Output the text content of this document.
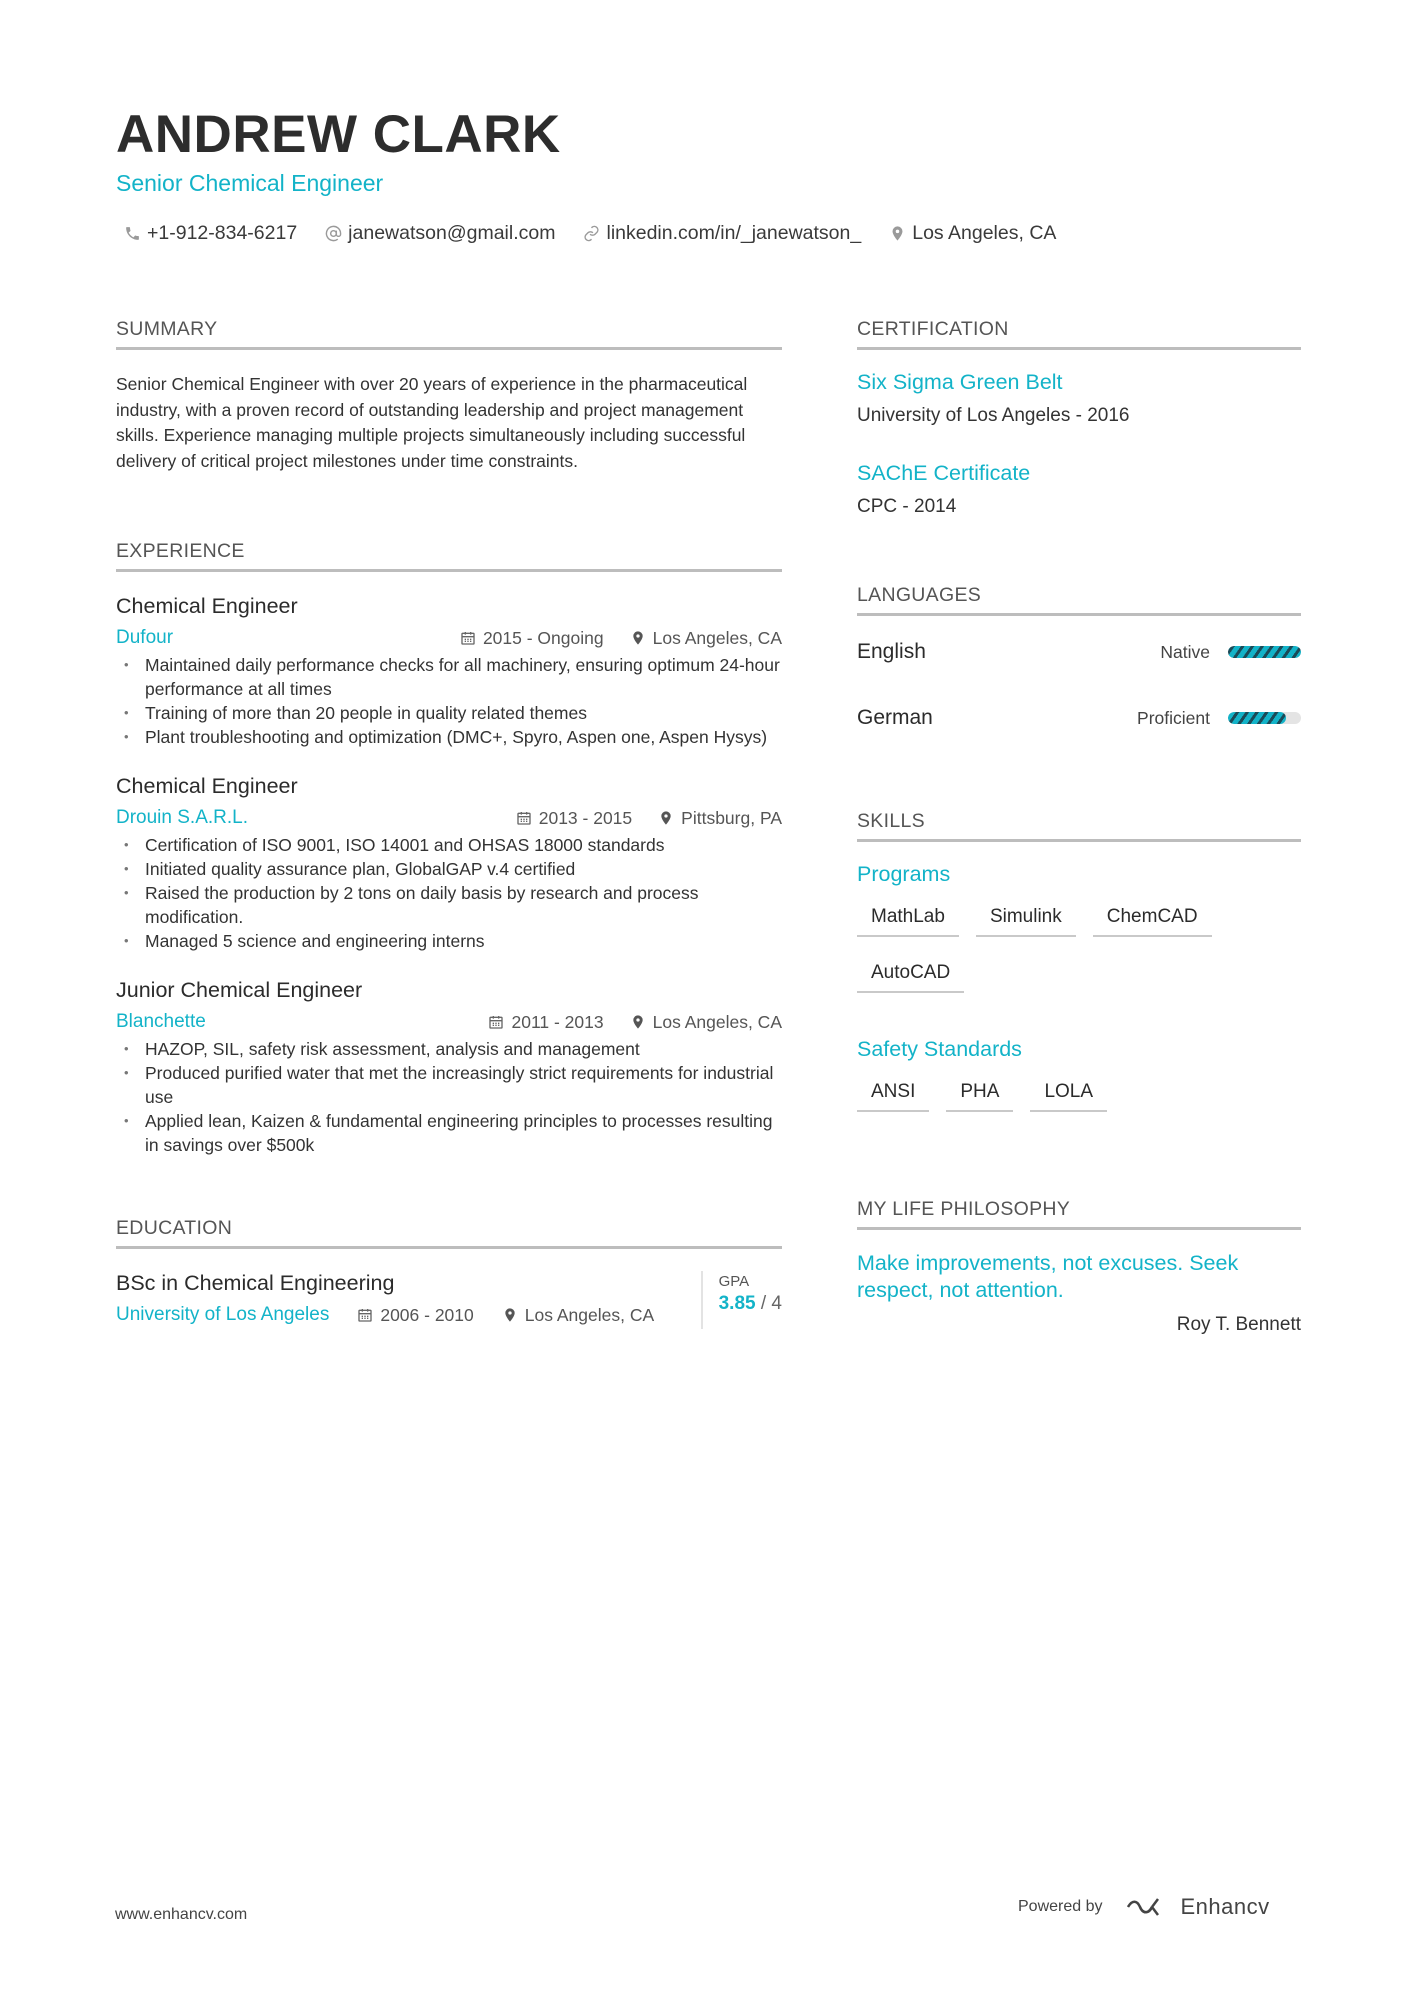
ANDREW CLARK
Senior Chemical Engineer
+1-912-834-6217	janewatson@gmail.com	linkedin.com/in/_janewatson_	Los Angeles, CA
SUMMARY
Senior Chemical Engineer with over 20 years of experience in the pharmaceutical industry, with a proven record of outstanding leadership and project management skills. Experience managing multiple projects simultaneously including successful delivery of critical project milestones under time constraints.
EXPERIENCE
Chemical Engineer
Dufour	2015 - Ongoing	Los Angeles, CA
• Maintained daily performance checks for all machinery, ensuring optimum 24-hour performance at all times
• Training of more than 20 people in quality related themes
• Plant troubleshooting and optimization (DMC+, Spyro, Aspen one, Aspen Hysys)
Chemical Engineer
Drouin S.A.R.L.	2013 - 2015	Pittsburg, PA
• Certification of ISO 9001, ISO 14001 and OHSAS 18000 standards
• Initiated quality assurance plan, GlobalGAP v.4 certified
• Raised the production by 2 tons on daily basis by research and process modification.
• Managed 5 science and engineering interns
Junior Chemical Engineer
Blanchette	2011 - 2013	Los Angeles, CA
• HAZOP, SIL, safety risk assessment, analysis and management
• Produced purified water that met the increasingly strict requirements for industrial use
• Applied lean, Kaizen & fundamental engineering principles to processes resulting in savings over $500k
EDUCATION
BSc in Chemical Engineering
University of Los Angeles	2006 - 2010	Los Angeles, CA
GPA
3.85 / 4
CERTIFICATION
Six Sigma Green Belt
University of Los Angeles - 2016
SAChE Certificate
CPC - 2014
LANGUAGES
English	Native
German	Proficient
SKILLS
Programs
MathLab	Simulink	ChemCAD
AutoCAD
Safety Standards
ANSI	PHA	LOLA
MY LIFE PHILOSOPHY
Make improvements, not excuses. Seek respect, not attention.
Roy T. Bennett
www.enhancv.com	Powered by	Enhancv
